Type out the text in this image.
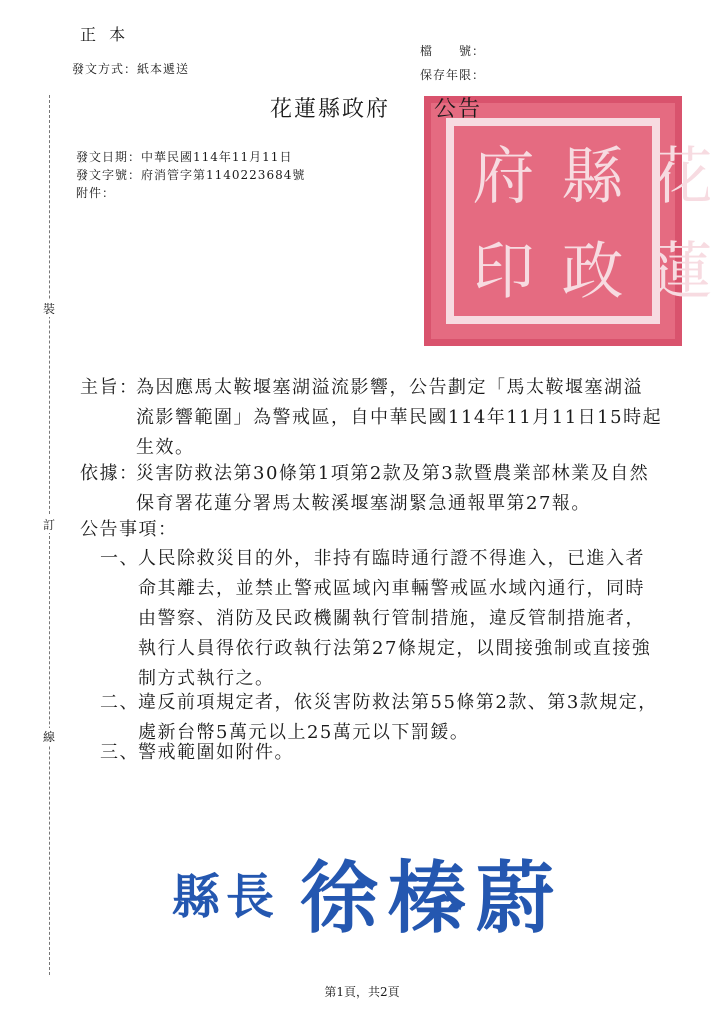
裝
訂
線
正 本
發文方式：紙本遞送
檔　　號：
保存年限：
府 縣 花
印 政 蓮
花蓮縣政府 公告
發文日期：中華民國114年11月11日
發文字號：府消管字第1140223684號
附件：
主旨：
為因應馬太鞍堰塞湖溢流影響，公告劃定「馬太鞍堰塞湖溢
流影響範圍」為警戒區，自中華民國114年11月11日15時起
生效。
依據：
災害防救法第30條第1項第2款及第3款暨農業部林業及自然
保育署花蓮分署馬太鞍溪堰塞湖緊急通報單第27報。
公告事項：
一、 人民除救災目的外，非持有臨時通行證不得進入，已進入者
命其離去，並禁止警戒區域內車輛警戒區水域內通行，同時
由警察、消防及民政機關執行管制措施，違反管制措施者，
執行人員得依行政執行法第27條規定，以間接強制或直接強
制方式執行之。
二、 違反前項規定者，依災害防救法第55條第2款、第3款規定，
處新台幣5萬元以上25萬元以下罰鍰。
三、 警戒範圍如附件。
縣長 徐榛蔚
第1頁，共2頁
